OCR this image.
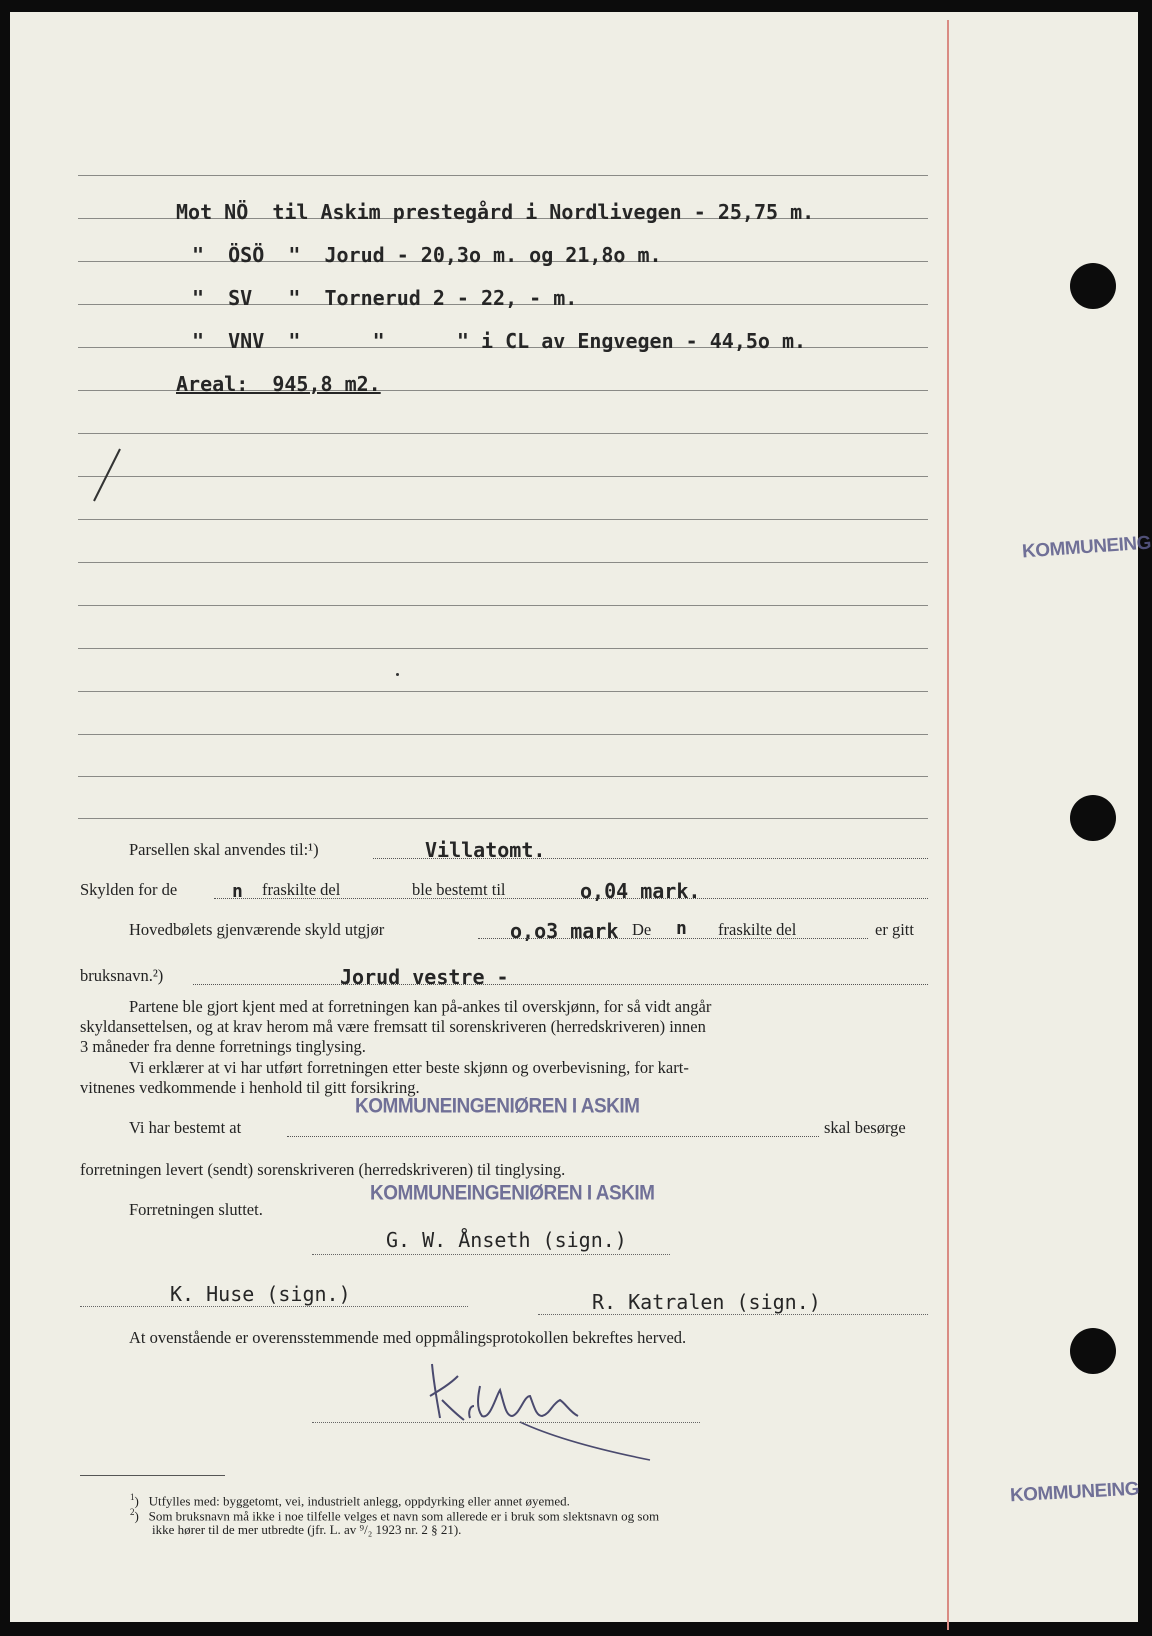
Mot NÖ  til Askim prestegård i Nordlivegen - 25,75 m.
"  ÖSÖ  "  Jorud - 20,3o m. og 21,8o m.
"  SV   "  Tornerud 2 - 22, - m.
"  VNV  "      "      " i CL av Engvegen - 44,5o m.
Areal:  945,8 m2.
Parsellen skal anvendes til:¹)	Villatomt.
Skylden for de	n fraskilte del	ble bestemt til	o,04 mark.
Hovedbølets gjenværende skyld utgjør	o,o3 mark De n fraskilte del	er gitt
bruksnavn.²)	Jorud vestre -
Partene ble gjort kjent med at forretningen kan på-ankes til overskjønn, for så vidt angår
skyldansettelsen, og at krav herom må være fremsatt til sorenskriveren (herredskriveren) innen
3 måneder fra denne forretnings tinglysing.
Vi erklærer at vi har utført forretningen etter beste skjønn og overbevisning, for kart-
vitnenes vedkommende i henhold til gitt forsikring.
KOMMUNEINGENIØREN I ASKIM
Vi har bestemt at	skal besørge
forretningen levert (sendt) sorenskriveren (herredskriveren) til tinglysing.
KOMMUNEINGENIØREN I ASKIM
Forretningen sluttet.
G. W. Ånseth (sign.)
K. Huse (sign.)	R. Katralen (sign.)
At ovenstående er overensstemmende med oppmålingsprotokollen bekreftes herved.
$^1$)   Utfylles med: byggetomt, vei, industrielt anlegg, oppdyrking eller annet øyemed.
$^2$)   Som bruksnavn må ikke i noe tilfelle velges et navn som allerede er i bruk som slektsnavn og som
ikke hører til de mer utbredte (jfr. L. av ⁹/₂ 1923 nr. 2 § 21).
KOMMUNEING
KOMMUNEING
